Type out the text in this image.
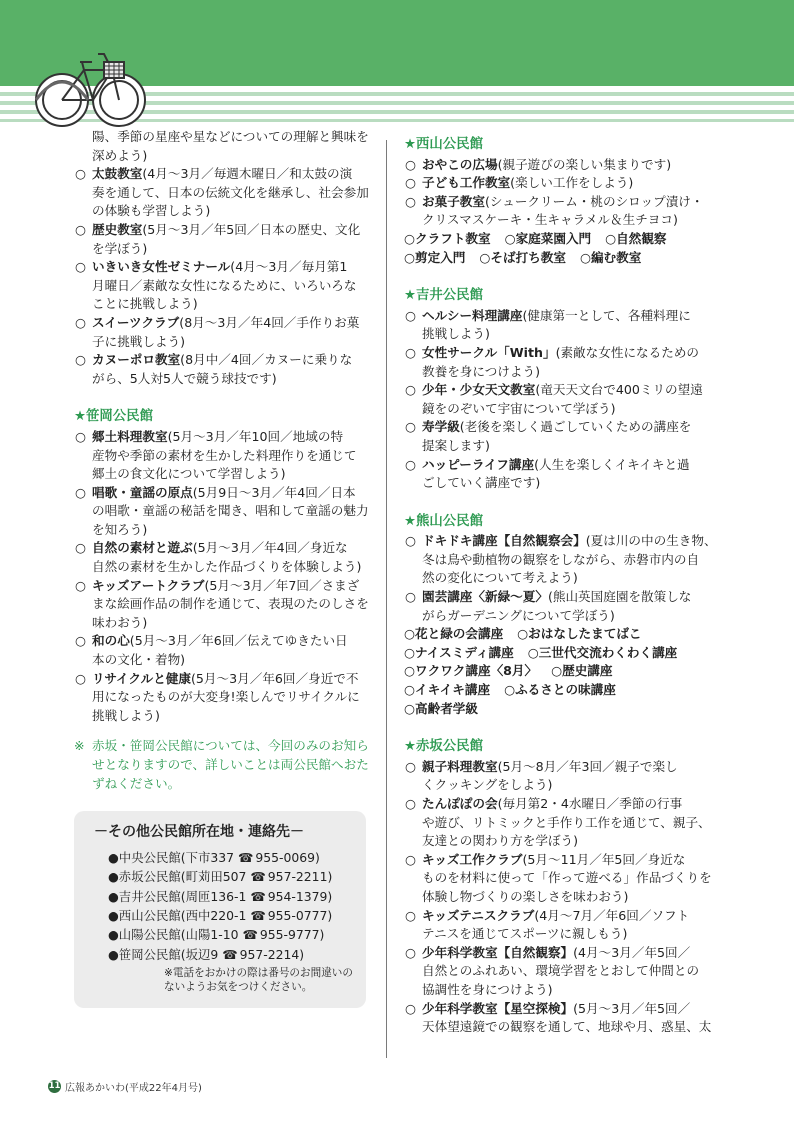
陽、季節の星座や星などについての理解と興味を
深めよう)
○ 太鼓教室(4月～3月／毎週木曜日／和太鼓の演
奏を通して、日本の伝統文化を継承し、社会参加
の体験も学習しよう)
○ 歴史教室(5月～3月／年5回／日本の歴史、文化
を学ぼう)
○ いきいき女性ゼミナール(4月～3月／毎月第1
月曜日／素敵な女性になるために、いろいろな
ことに挑戦しよう)
○ スイーツクラブ(8月～3月／年4回／手作りお菓
子に挑戦しよう)
○ カヌーポロ教室(8月中／4回／カヌーに乗りな
がら、5人対5人で競う球技です)
★笹岡公民館
○ 郷土料理教室(5月～3月／年10回／地域の特
産物や季節の素材を生かした料理作りを通じて
郷土の食文化について学習しよう)
○ 唱歌・童謡の原点(5月9日～3月／年4回／日本
の唱歌・童謡の秘話を聞き、唱和して童謡の魅力
を知ろう)
○ 自然の素材と遊ぶ(5月～3月／年4回／身近な
自然の素材を生かした作品づくりを体験しよう)
○ キッズアートクラブ(5月～3月／年7回／さまざ
まな絵画作品の制作を通じて、表現のたのしさを
味わおう)
○ 和の心(5月～3月／年6回／伝えてゆきたい日
本の文化・着物)
○ リサイクルと健康(5月～3月／年6回／身近で不
用になったものが大変身!楽しんでリサイクルに
挑戦しよう)
※ 赤坂・笹岡公民館については、今回のみのお知ら
せとなりますので、詳しいことは両公民館へおた
ずねください。
－その他公民館所在地・連絡先－
●中央公民館(下市337 ☎ 955-0069)
●赤坂公民館(町苅田507 ☎ 957-2211)
●吉井公民館(周匝136-1 ☎ 954-1379)
●西山公民館(西中220-1 ☎ 955-0777)
●山陽公民館(山陽1-10 ☎ 955-9777)
●笹岡公民館(坂辺9 ☎ 957-2214)
※電話をおかけの際は番号のお間違いの
ないようお気をつけください。
★西山公民館
○ おやこの広場(親子遊びの楽しい集まりです)
○ 子ども工作教室(楽しい工作をしよう)
○ お菓子教室(シュークリーム・桃のシロップ漬け・
クリスマスケーキ・生キャラメル＆生チヨコ)
○クラフト教室 ○家庭菜園入門 ○自然観察
○剪定入門 ○そば打ち教室 ○編む教室
★吉井公民館
○ ヘルシー料理講座(健康第一として、各種料理に
挑戦しよう)
○ 女性サークル「With」(素敵な女性になるための
教養を身につけよう)
○ 少年・少女天文教室(竜天天文台で400ミリの望遠
鏡をのぞいて宇宙について学ぼう)
○ 寿学級(老後を楽しく過ごしていくための講座を
提案します)
○ ハッピーライフ講座(人生を楽しくイキイキと過
ごしていく講座です)
★熊山公民館
○ ドキドキ講座【自然観察会】(夏は川の中の生き物、
冬は鳥や動植物の観察をしながら、赤磐市内の自
然の変化について考えよう)
○ 園芸講座〈新緑～夏〉(熊山英国庭園を散策しな
がらガーデニングについて学ぼう)
○花と緑の会講座 ○おはなしたまてばこ
○ナイスミディ講座 ○三世代交流わくわく講座
○ワクワク講座〈8月〉 ○歴史講座
○イキイキ講座 ○ふるさとの味講座
○高齢者学級
★赤坂公民館
○ 親子料理教室(5月～8月／年3回／親子で楽し
くクッキングをしよう)
○ たんぽぽの会(毎月第2・4水曜日／季節の行事
や遊び、リトミックと手作り工作を通じて、親子、
友達との関わり方を学ぼう)
○ キッズ工作クラブ(5月～11月／年5回／身近な
ものを材料に使って「作って遊べる」作品づくりを
体験し物づくりの楽しさを味わおう)
○ キッズテニスクラブ(4月～7月／年6回／ソフト
テニスを通じてスポーツに親しもう)
○ 少年科学教室【自然観察】(4月～3月／年5回／
自然とのふれあい、環境学習をとおして仲間との
協調性を身につけよう)
○ 少年科学教室【星空探検】(5月～3月／年5回／
天体望遠鏡での観察を通して、地球や月、惑星、太
11 広報あかいわ(平成22年4月号)
